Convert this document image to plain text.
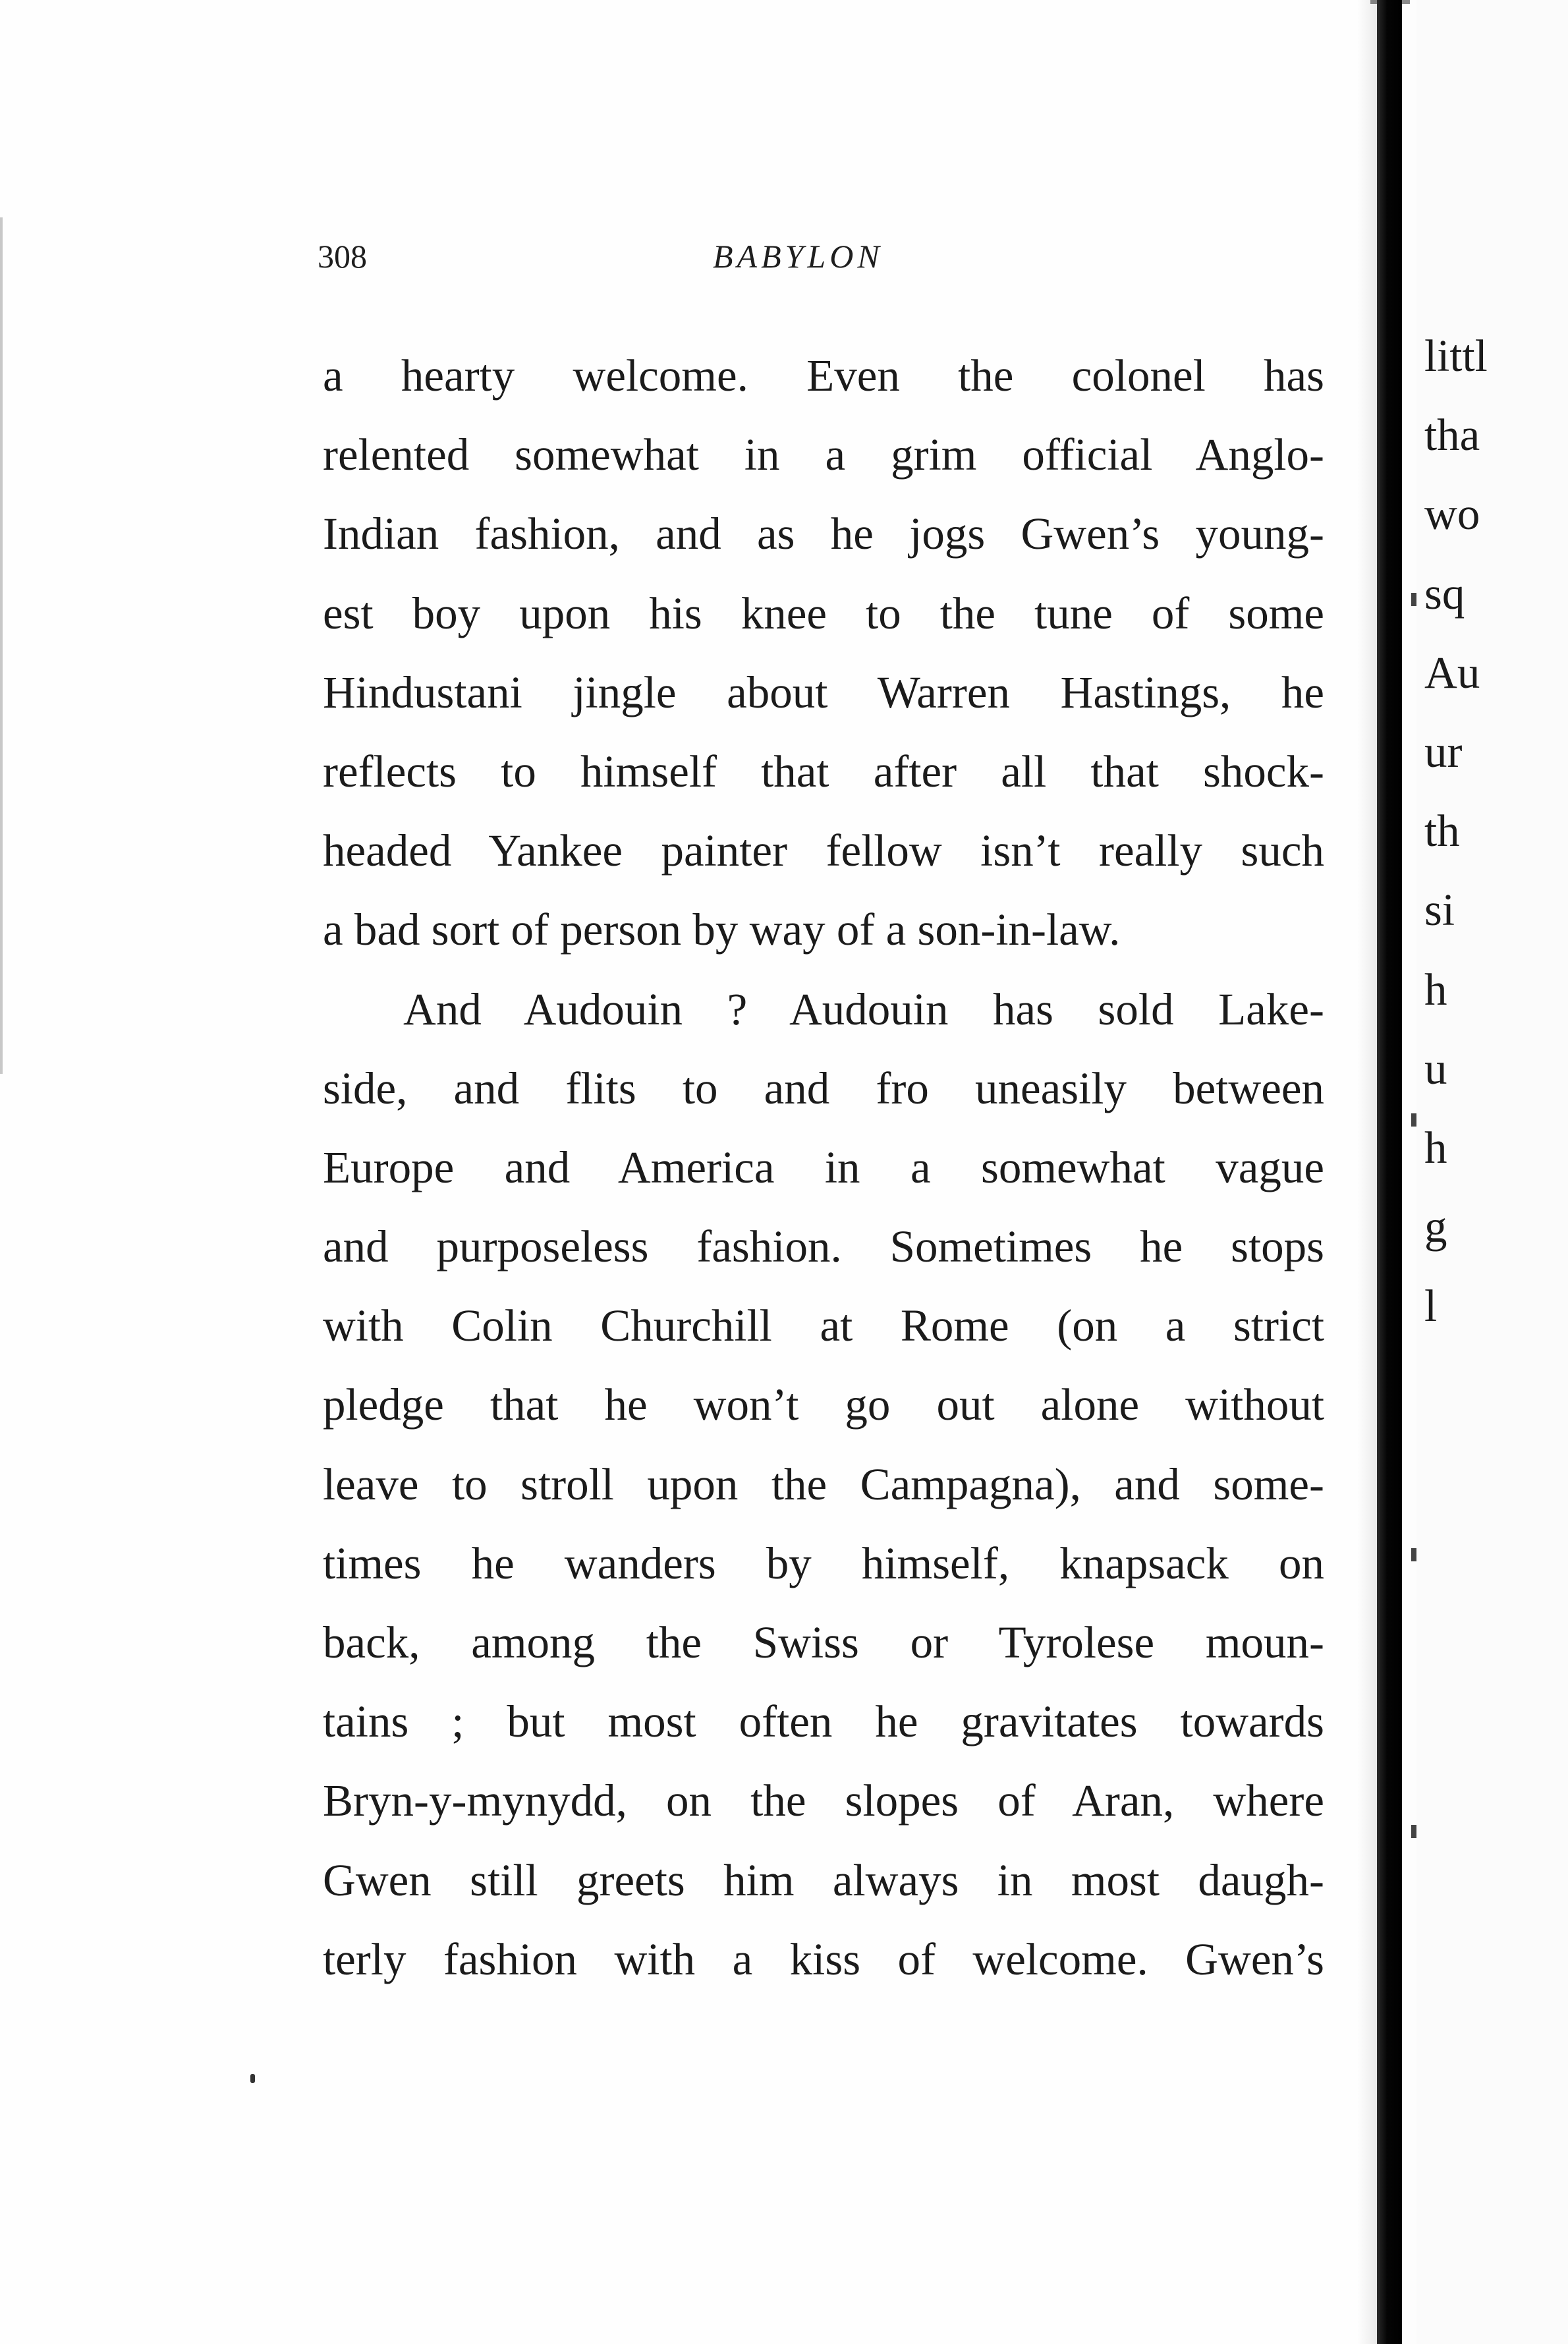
308	BABYLON
a hearty welcome. Even the colonel has
relented somewhat in a grim official Anglo-
Indian fashion, and as he jogs Gwen’s young-
est boy upon his knee to the tune of some
Hindustani jingle about Warren Hastings, he
reflects to himself that after all that shock-
headed Yankee painter fellow isn’t really such
a bad sort of person by way of a son-in-law.
And Audouin ? Audouin has sold Lake-
side, and flits to and fro uneasily between
Europe and America in a somewhat vague
and purposeless fashion. Sometimes he stops
with Colin Churchill at Rome (on a strict
pledge that he won’t go out alone without
leave to stroll upon the Campagna), and some-
times he wanders by himself, knapsack on
back, among the Swiss or Tyrolese moun-
tains ; but most often he gravitates towards
Bryn-y-mynydd, on the slopes of Aran, where
Gwen still greets him always in most daugh-
terly fashion with a kiss of welcome. Gwen’s
littl
tha
wo
sq
Au
ur
th
si
h
u
h
g
l
